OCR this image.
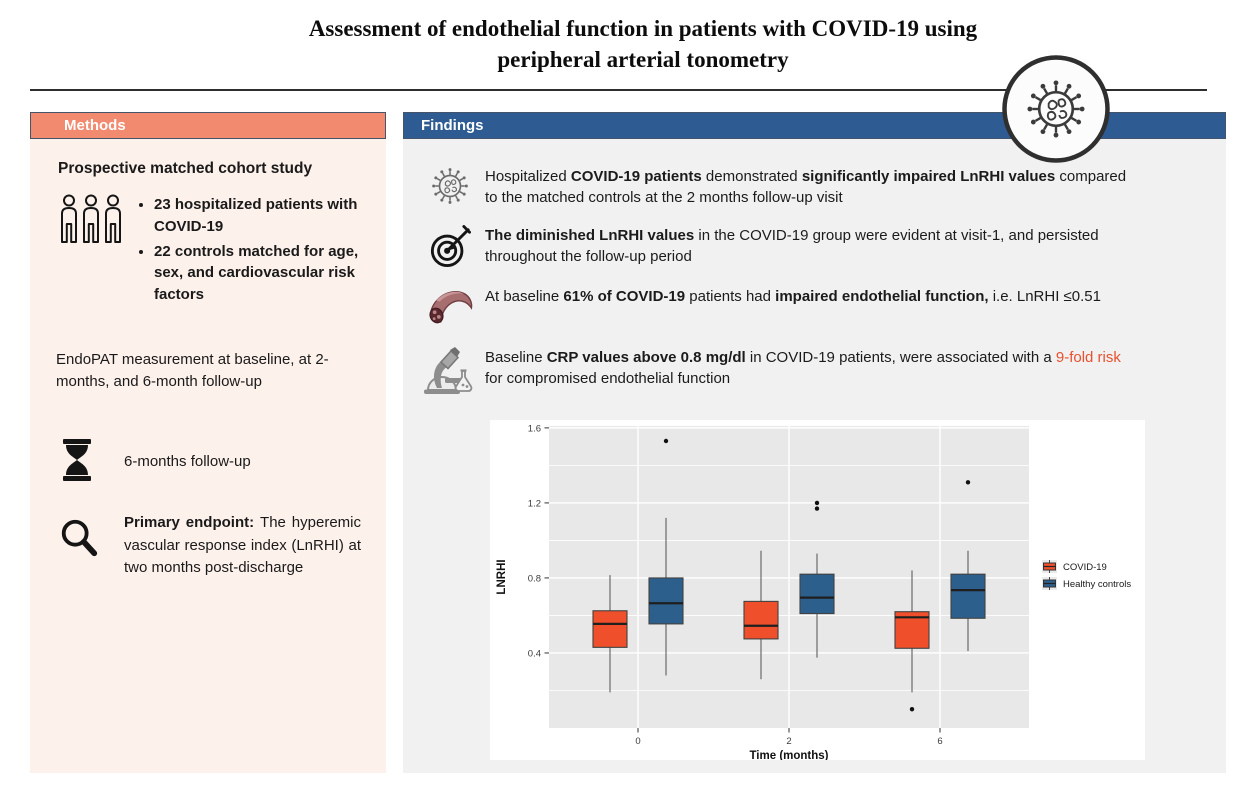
Assessment of endothelial function in patients with COVID-19 using
peripheral arterial tonometry
Methods

Prospective matched cohort study

• 23 hospitalized patients with COVID-19
• 22 controls matched for age, sex, and cardiovascular risk factors

EndoPAT measurement at baseline, at 2-months, and 6-month follow-up

6-months follow-up

Primary endpoint: The hyperemic vascular response index (LnRHI) at two months post-discharge

Findings
Hospitalized COVID-19 patients demonstrated significantly impaired LnRHI values compared to the matched controls at the 2 months follow-up visit
The diminished LnRHI values in the COVID-19 group were evident at visit-1, and persisted throughout the follow-up period
At baseline 61% of COVID-19 patients had impaired endothelial function, i.e. LnRHI ≤0.51
Baseline CRP values above 0.8 mg/dl in COVID-19 patients, were associated with a 9-fold risk for compromised endothelial function
0.4
0.8
1.2
1.6
0	2	6
Time (months)
LNRHI	COVID-19
Healthy controls
